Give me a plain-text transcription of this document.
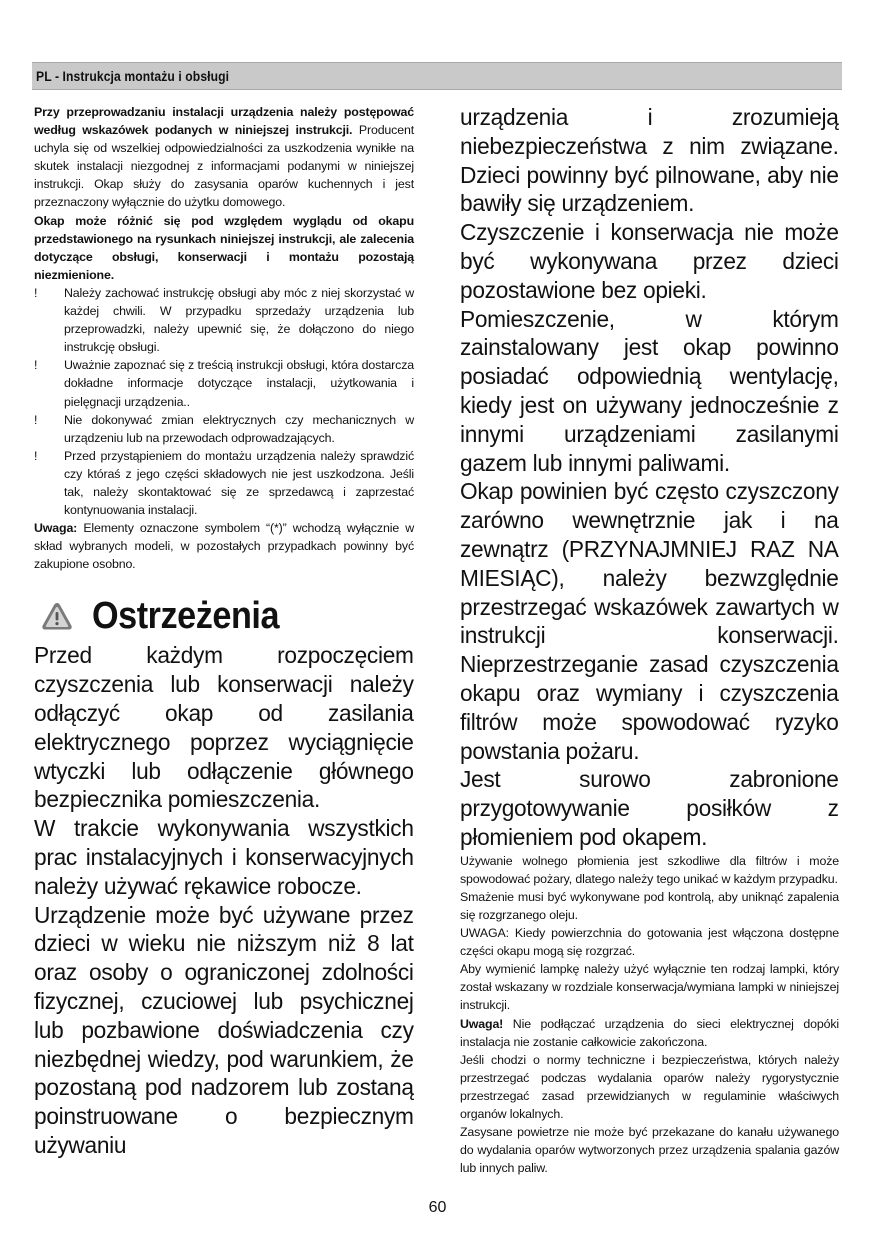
PL - Instrukcja montażu i obsługi

Przy przeprowadzaniu instalacji urządzenia należy postępować według wskazówek podanych w niniejszej instrukcji. Producent uchyla się od wszelkiej odpowiedzialności za uszkodzenia wynikłe na skutek instalacji niezgodnej z informacjami podanymi w niniejszej instrukcji. Okap służy do zasysania oparów kuchennych i jest przeznaczony wyłącznie do użytku domowego.

Okap może różnić się pod względem wyglądu od okapu przedstawionego na rysunkach niniejszej instrukcji, ale zalecenia dotyczące obsługi, konserwacji i montażu pozostają niezmienione.

! Należy zachować instrukcję obsługi aby móc z niej skorzystać w każdej chwili. W przypadku sprzedaży urządzenia lub przeprowadzki, należy upewnić się, że dołączono do niego instrukcję obsługi.
! Uważnie zapoznać się z treścią instrukcji obsługi, która dostarcza dokładne informacje dotyczące instalacji, użytkowania i pielęgnacji urządzenia..
! Nie dokonywać zmian elektrycznych czy mechanicznych w urządzeniu lub na przewodach odprowadzających.
! Przed przystąpieniem do montażu urządzenia należy sprawdzić czy któraś z jego części składowych nie jest uszkodzona. Jeśli tak, należy skontaktować się ze sprzedawcą i zaprzestać kontynuowania instalacji.

Uwaga: Elementy oznaczone symbolem “(*)” wchodzą wyłącznie w skład wybranych modeli, w pozostałych przypadkach powinny być zakupione osobno.

Ostrzeżenia

Przed każdym rozpoczęciem czyszczenia lub konserwacji należy odłączyć okap od zasilania elektrycznego poprzez wyciągnięcie wtyczki lub odłączenie głównego bezpiecznika pomieszczenia.

W trakcie wykonywania wszystkich prac instalacyjnych i konserwacyjnych należy używać rękawice robocze.

Urządzenie może być używane przez dzieci w wieku nie niższym niż 8 lat oraz osoby o ograniczonej zdolności fizycznej, czuciowej lub psychicznej lub pozbawione doświadczenia czy niezbędnej wiedzy, pod warunkiem, że pozostaną pod nadzorem lub zostaną poinstruowane o bezpiecznym używaniu

urządzenia i zrozumieją niebezpieczeństwa z nim związane. Dzieci powinny być pilnowane, aby nie bawiły się urządzeniem.

Czyszczenie i konserwacja nie może być wykonywana przez dzieci pozostawione bez opieki.

Pomieszczenie, w którym zainstalowany jest okap powinno posiadać odpowiednią wentylację, kiedy jest on używany jednocześnie z innymi urządzeniami zasilanymi gazem lub innymi paliwami.

Okap powinien być często czyszczony zarówno wewnętrznie jak i na zewnątrz (PRZYNAJMNIEJ RAZ NA MIESIĄC), należy bezwzględnie przestrzegać wskazówek zawartych w instrukcji konserwacji. Nieprzestrzeganie zasad czyszczenia okapu oraz wymiany i czyszczenia filtrów może spowodować ryzyko powstania pożaru.

Jest surowo zabronione przygotowywanie posiłków z płomieniem pod okapem.

Używanie wolnego płomienia jest szkodliwe dla filtrów i może spowodować pożary, dlatego należy tego unikać w każdym przypadku.

Smażenie musi być wykonywane pod kontrolą, aby uniknąć zapalenia się rozgrzanego oleju.

UWAGA: Kiedy powierzchnia do gotowania jest włączona dostępne części okapu mogą się rozgrzać.

Aby wymienić lampkę należy użyć wyłącznie ten rodzaj lampki, który został wskazany w rozdziale konserwacja/wymiana lampki w niniejszej instrukcji.

Uwaga! Nie podłączać urządzenia do sieci elektrycznej dopóki instalacja nie zostanie całkowicie zakończona.

Jeśli chodzi o normy techniczne i bezpieczeństwa, których należy przestrzegać podczas wydalania oparów należy rygorystycznie przestrzegać zasad przewidzianych w regulaminie właściwych organów lokalnych.

Zasysane powietrze nie może być przekazane do kanału używanego do wydalania oparów wytworzonych przez urządzenia spalania gazów lub innych paliw.

60
